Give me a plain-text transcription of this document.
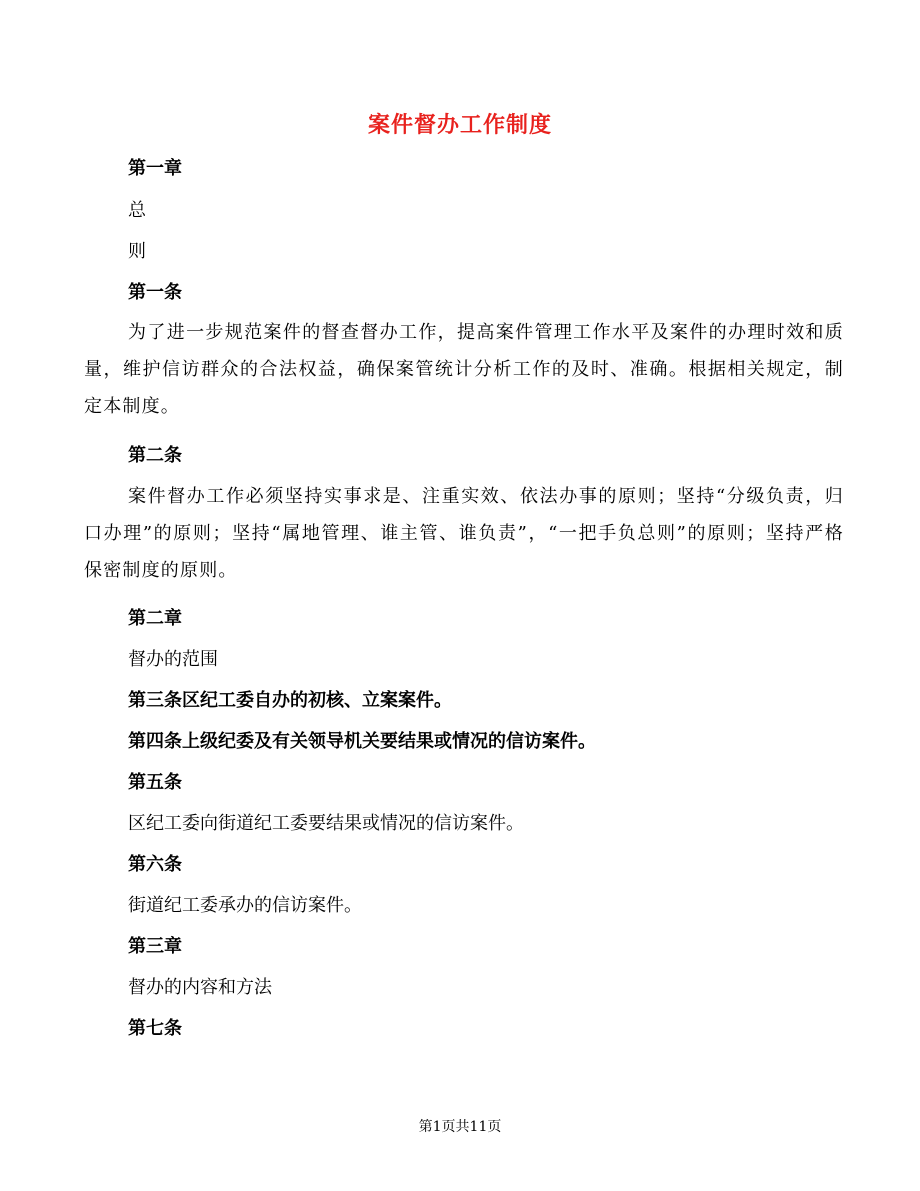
案件督办工作制度
第一章
总
则
第一条
为了进一步规范案件的督查督办工作，提高案件管理工作水平及案件的办理时效和质量，维护信访群众的合法权益，确保案管统计分析工作的及时、准确。根据相关规定，制定本制度。
第二条
案件督办工作必须坚持实事求是、注重实效、依法办事的原则；坚持“分级负责，归口办理”的原则；坚持“属地管理、谁主管、谁负责”，“一把手负总则”的原则；坚持严格保密制度的原则。
第二章
督办的范围
第三条区纪工委自办的初核、立案案件。
第四条上级纪委及有关领导机关要结果或情况的信访案件。
第五条
区纪工委向街道纪工委要结果或情况的信访案件。
第六条
街道纪工委承办的信访案件。
第三章
督办的内容和方法
第七条
第1页共11页
